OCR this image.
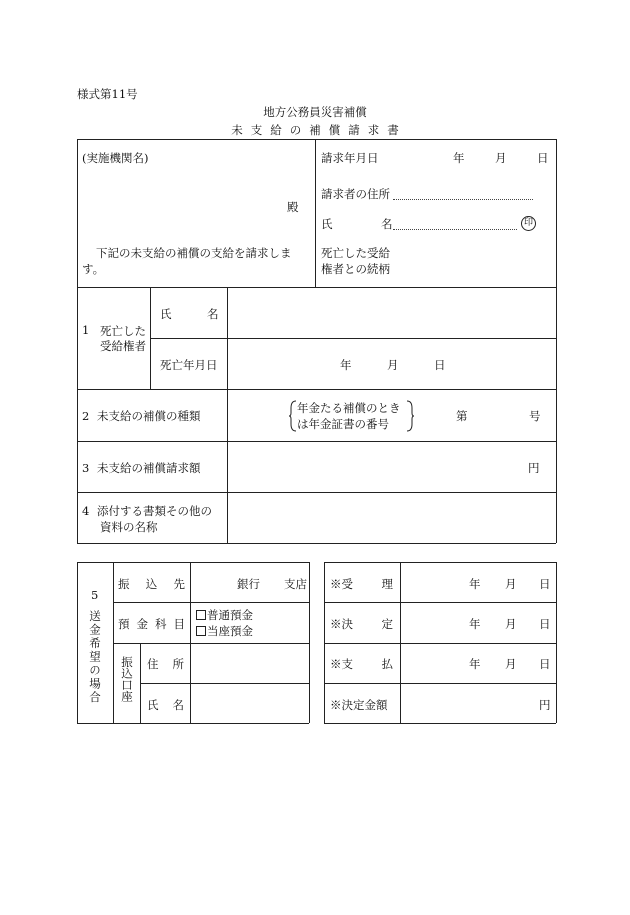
様式第11号
地方公務員災害補償
未支給の補償請求書
(実施機関名)
殿
下記の未支給の補償の支給を請求しま
す。
請求年月日	年	月	日
請求者の住所
氏	名	印
死亡した受給
権者との続柄
1 死亡した
受給権者
氏	名
死亡年月日	年	月	日
2 未支給の補償の種類
年金たる補償のとき
は年金証書の番号
第	号
3 未支給の補償請求額	円
4 添付する書類その他の
資料の名称
5
送金希望の場合
振 込 先	銀行 支店
預 金 科 目
普通預金
当座預金
振込口座 住 所
氏 名
※受 理	年 月 日
※決 定	年 月 日
※支 払	年 月 日
※決定金額	円
